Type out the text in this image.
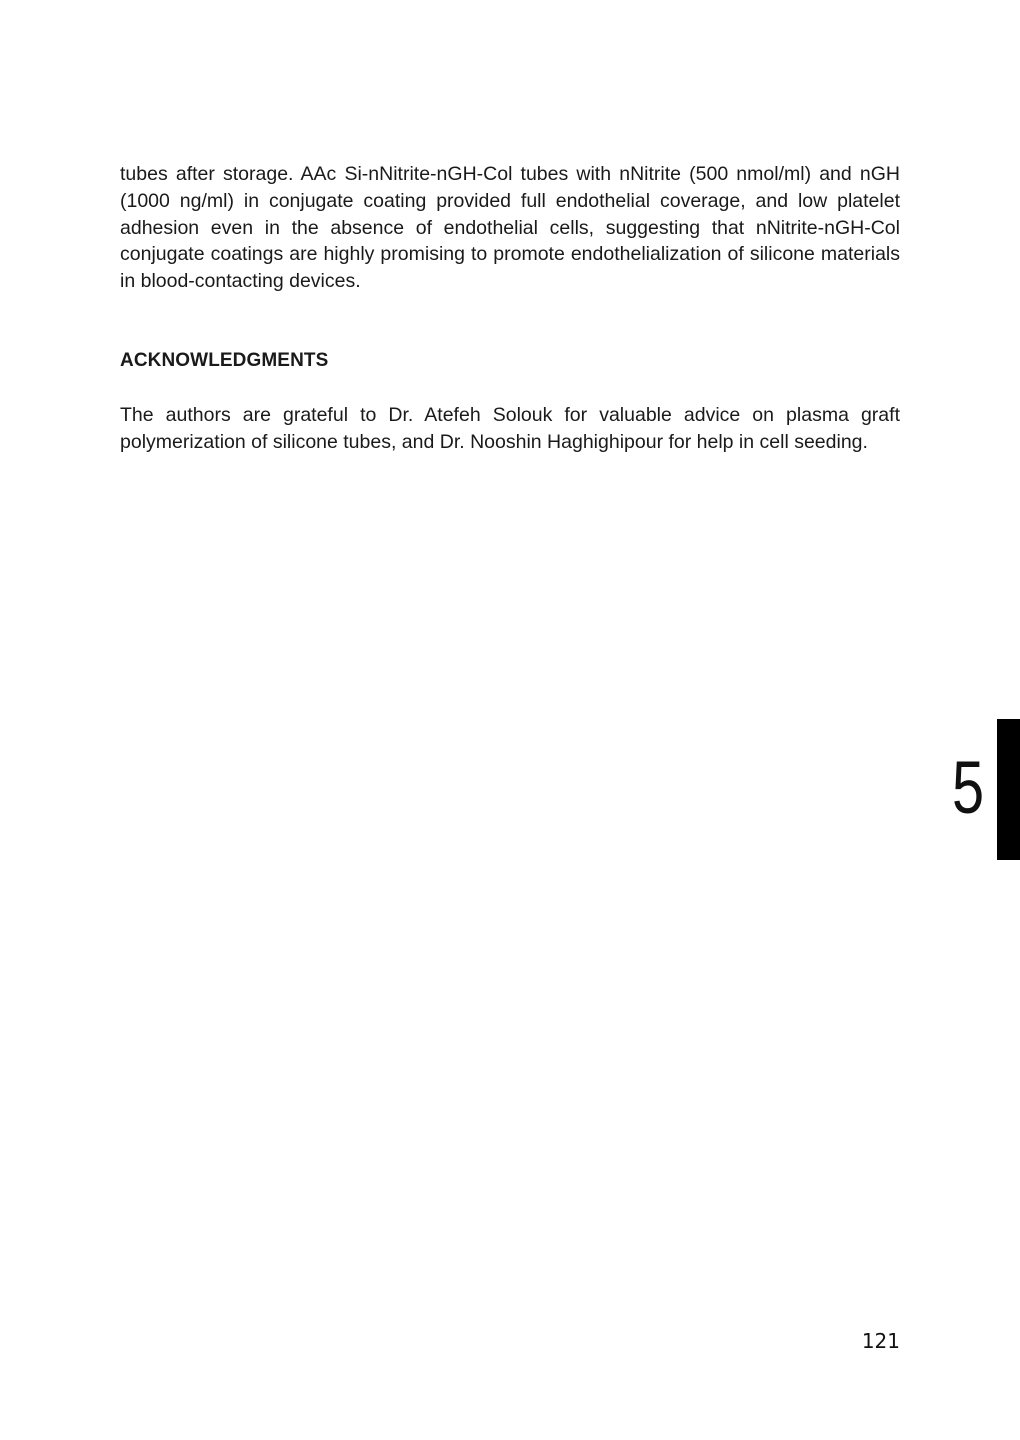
tubes after storage. AAc Si-nNitrite-nGH-Col tubes with nNitrite (500 nmol/ml) and nGH (1000 ng/ml) in conjugate coating provided full endothelial coverage, and low platelet adhesion even in the absence of endothelial cells, suggesting that nNitrite-nGH-Col conjugate coatings are highly promising to promote endothelialization of silicone materials in blood-contacting devices.

ACKNOWLEDGMENTS

The authors are grateful to Dr. Atefeh Solouk for valuable advice on plasma graft polymerization of silicone tubes, and Dr. Nooshin Haghighipour for help in cell seeding.

5
121
